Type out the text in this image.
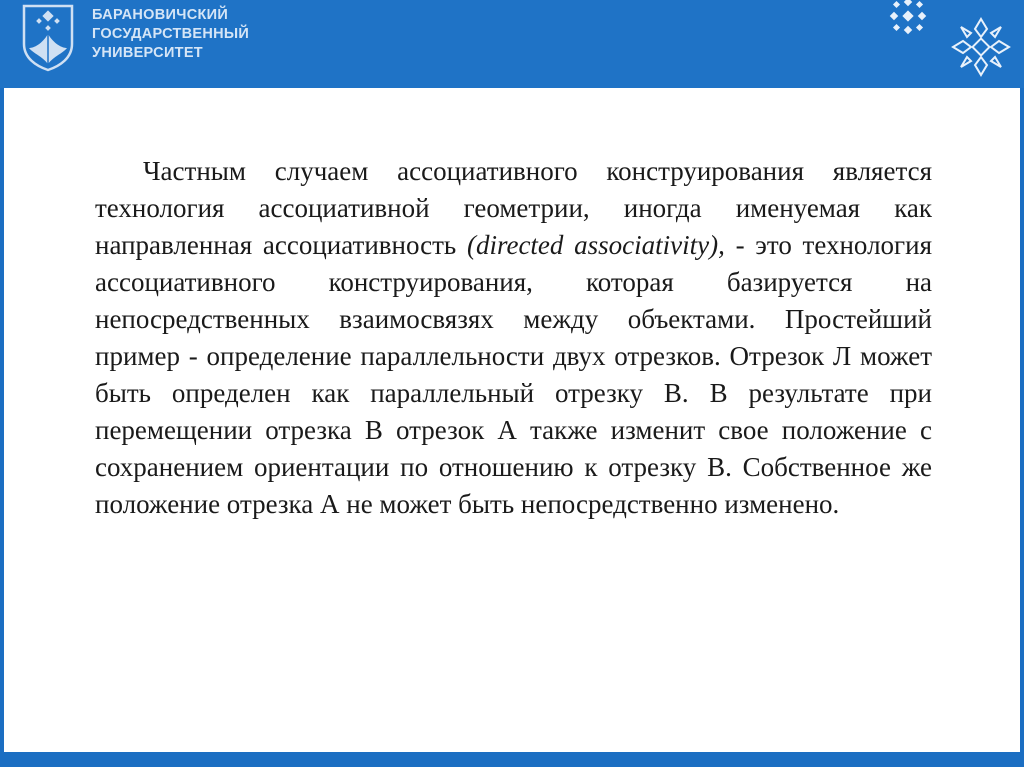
БАРАНОВИЧСКИЙ
ГОСУДАРСТВЕННЫЙ
УНИВЕРСИТЕТ

Частным случаем ассоциативного конструирования является технология ассоциативной геометрии, иногда именуемая как направленная ассоциативность (directed associativity), - это технология ассоциативного конструирования, которая базируется на непосредственных взаимосвязях между объектами. Простейший пример - определение параллельности двух отрезков. Отрезок Л может быть определен как параллельный отрезку В. В результате при перемещении отрезка В отрезок А также изменит свое положение с сохранением ориентации по отношению к отрезку В. Собственное же положение отрезка А не может быть непосредственно изменено.
